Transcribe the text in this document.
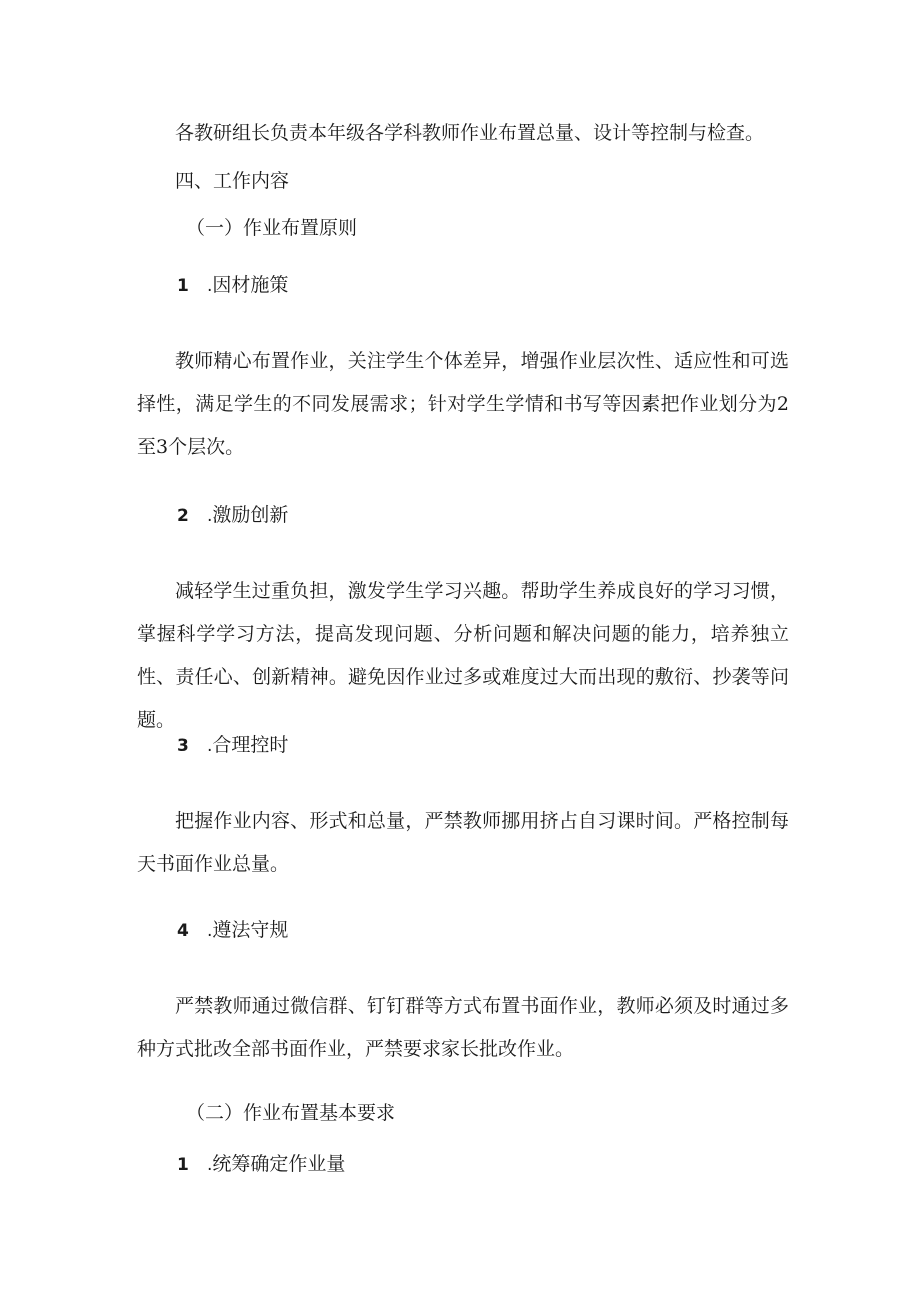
各教研组长负责本年级各学科教师作业布置总量、设计等控制与检查。
四、工作内容
（一）作业布置原则
1 .因材施策
教师精心布置作业，关注学生个体差异，增强作业层次性、适应性和可选择性，满足学生的不同发展需求；针对学生学情和书写等因素把作业划分为2至3个层次。
2 .激励创新
减轻学生过重负担，激发学生学习兴趣。帮助学生养成良好的学习习惯，掌握科学学习方法，提高发现问题、分析问题和解决问题的能力，培养独立性、责任心、创新精神。避免因作业过多或难度过大而出现的敷衍、抄袭等问题。
3 .合理控时
把握作业内容、形式和总量，严禁教师挪用挤占自习课时间。严格控制每天书面作业总量。
4 .遵法守规
严禁教师通过微信群、钉钉群等方式布置书面作业，教师必须及时通过多种方式批改全部书面作业，严禁要求家长批改作业。
（二）作业布置基本要求
1 .统筹确定作业量
